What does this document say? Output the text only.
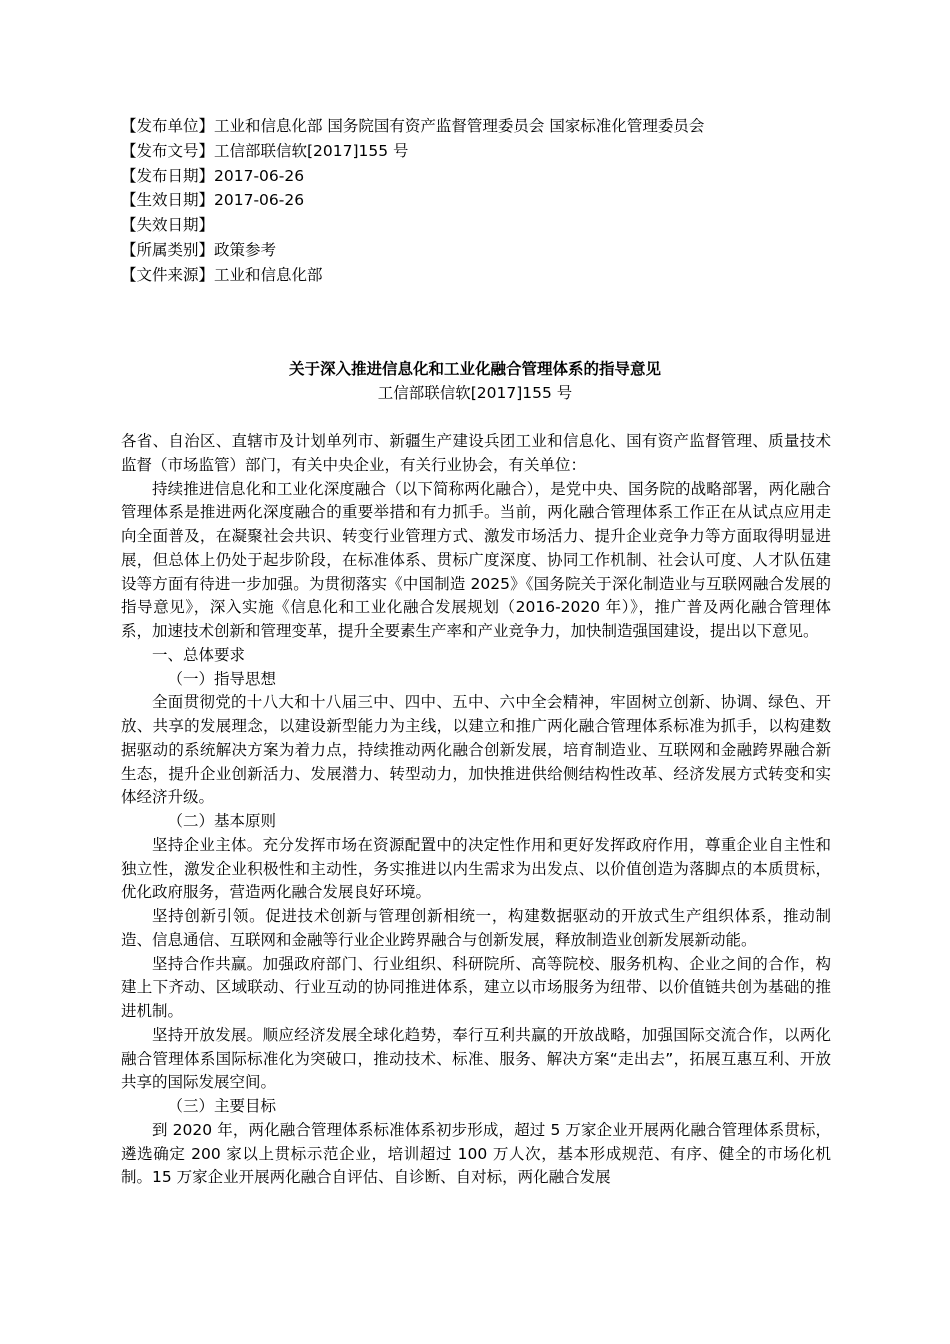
【发布单位】工业和信息化部 国务院国有资产监督管理委员会 国家标准化管理委员会
【发布文号】工信部联信软[2017]155 号
【发布日期】2017-06-26
【生效日期】2017-06-26
【失效日期】
【所属类别】政策参考
【文件来源】工业和信息化部
关于深入推进信息化和工业化融合管理体系的指导意见
工信部联信软[2017]155 号

各省、自治区、直辖市及计划单列市、新疆生产建设兵团工业和信息化、国有资产监督管理、质量技术监督（市场监管）部门，有关中央企业，有关行业协会，有关单位：

持续推进信息化和工业化深度融合（以下简称两化融合），是党中央、国务院的战略部署，两化融合管理体系是推进两化深度融合的重要举措和有力抓手。当前，两化融合管理体系工作正在从试点应用走向全面普及，在凝聚社会共识、转变行业管理方式、激发市场活力、提升企业竞争力等方面取得明显进展，但总体上仍处于起步阶段，在标准体系、贯标广度深度、协同工作机制、社会认可度、人才队伍建设等方面有待进一步加强。为贯彻落实《中国制造 2025》《国务院关于深化制造业与互联网融合发展的指导意见》，深入实施《信息化和工业化融合发展规划（2016-2020 年）》，推广普及两化融合管理体系，加速技术创新和管理变革，提升全要素生产率和产业竞争力，加快制造强国建设，提出以下意见。

一、总体要求

（一）指导思想

全面贯彻党的十八大和十八届三中、四中、五中、六中全会精神，牢固树立创新、协调、绿色、开放、共享的发展理念，以建设新型能力为主线，以建立和推广两化融合管理体系标准为抓手，以构建数据驱动的系统解决方案为着力点，持续推动两化融合创新发展，培育制造业、互联网和金融跨界融合新生态，提升企业创新活力、发展潜力、转型动力，加快推进供给侧结构性改革、经济发展方式转变和实体经济升级。

（二）基本原则

坚持企业主体。充分发挥市场在资源配置中的决定性作用和更好发挥政府作用，尊重企业自主性和独立性，激发企业积极性和主动性，务实推进以内生需求为出发点、以价值创造为落脚点的本质贯标，优化政府服务，营造两化融合发展良好环境。

坚持创新引领。促进技术创新与管理创新相统一，构建数据驱动的开放式生产组织体系，推动制造、信息通信、互联网和金融等行业企业跨界融合与创新发展，释放制造业创新发展新动能。

坚持合作共赢。加强政府部门、行业组织、科研院所、高等院校、服务机构、企业之间的合作，构建上下齐动、区域联动、行业互动的协同推进体系，建立以市场服务为纽带、以价值链共创为基础的推进机制。

坚持开放发展。顺应经济发展全球化趋势，奉行互利共赢的开放战略，加强国际交流合作，以两化融合管理体系国际标准化为突破口，推动技术、标准、服务、解决方案“走出去”，拓展互惠互利、开放共享的国际发展空间。

（三）主要目标

到 2020 年，两化融合管理体系标准体系初步形成，超过 5 万家企业开展两化融合管理体系贯标，遴选确定 200 家以上贯标示范企业，培训超过 100 万人次，基本形成规范、有序、健全的市场化机制。15 万家企业开展两化融合自评估、自诊断、自对标，两化融合发展
